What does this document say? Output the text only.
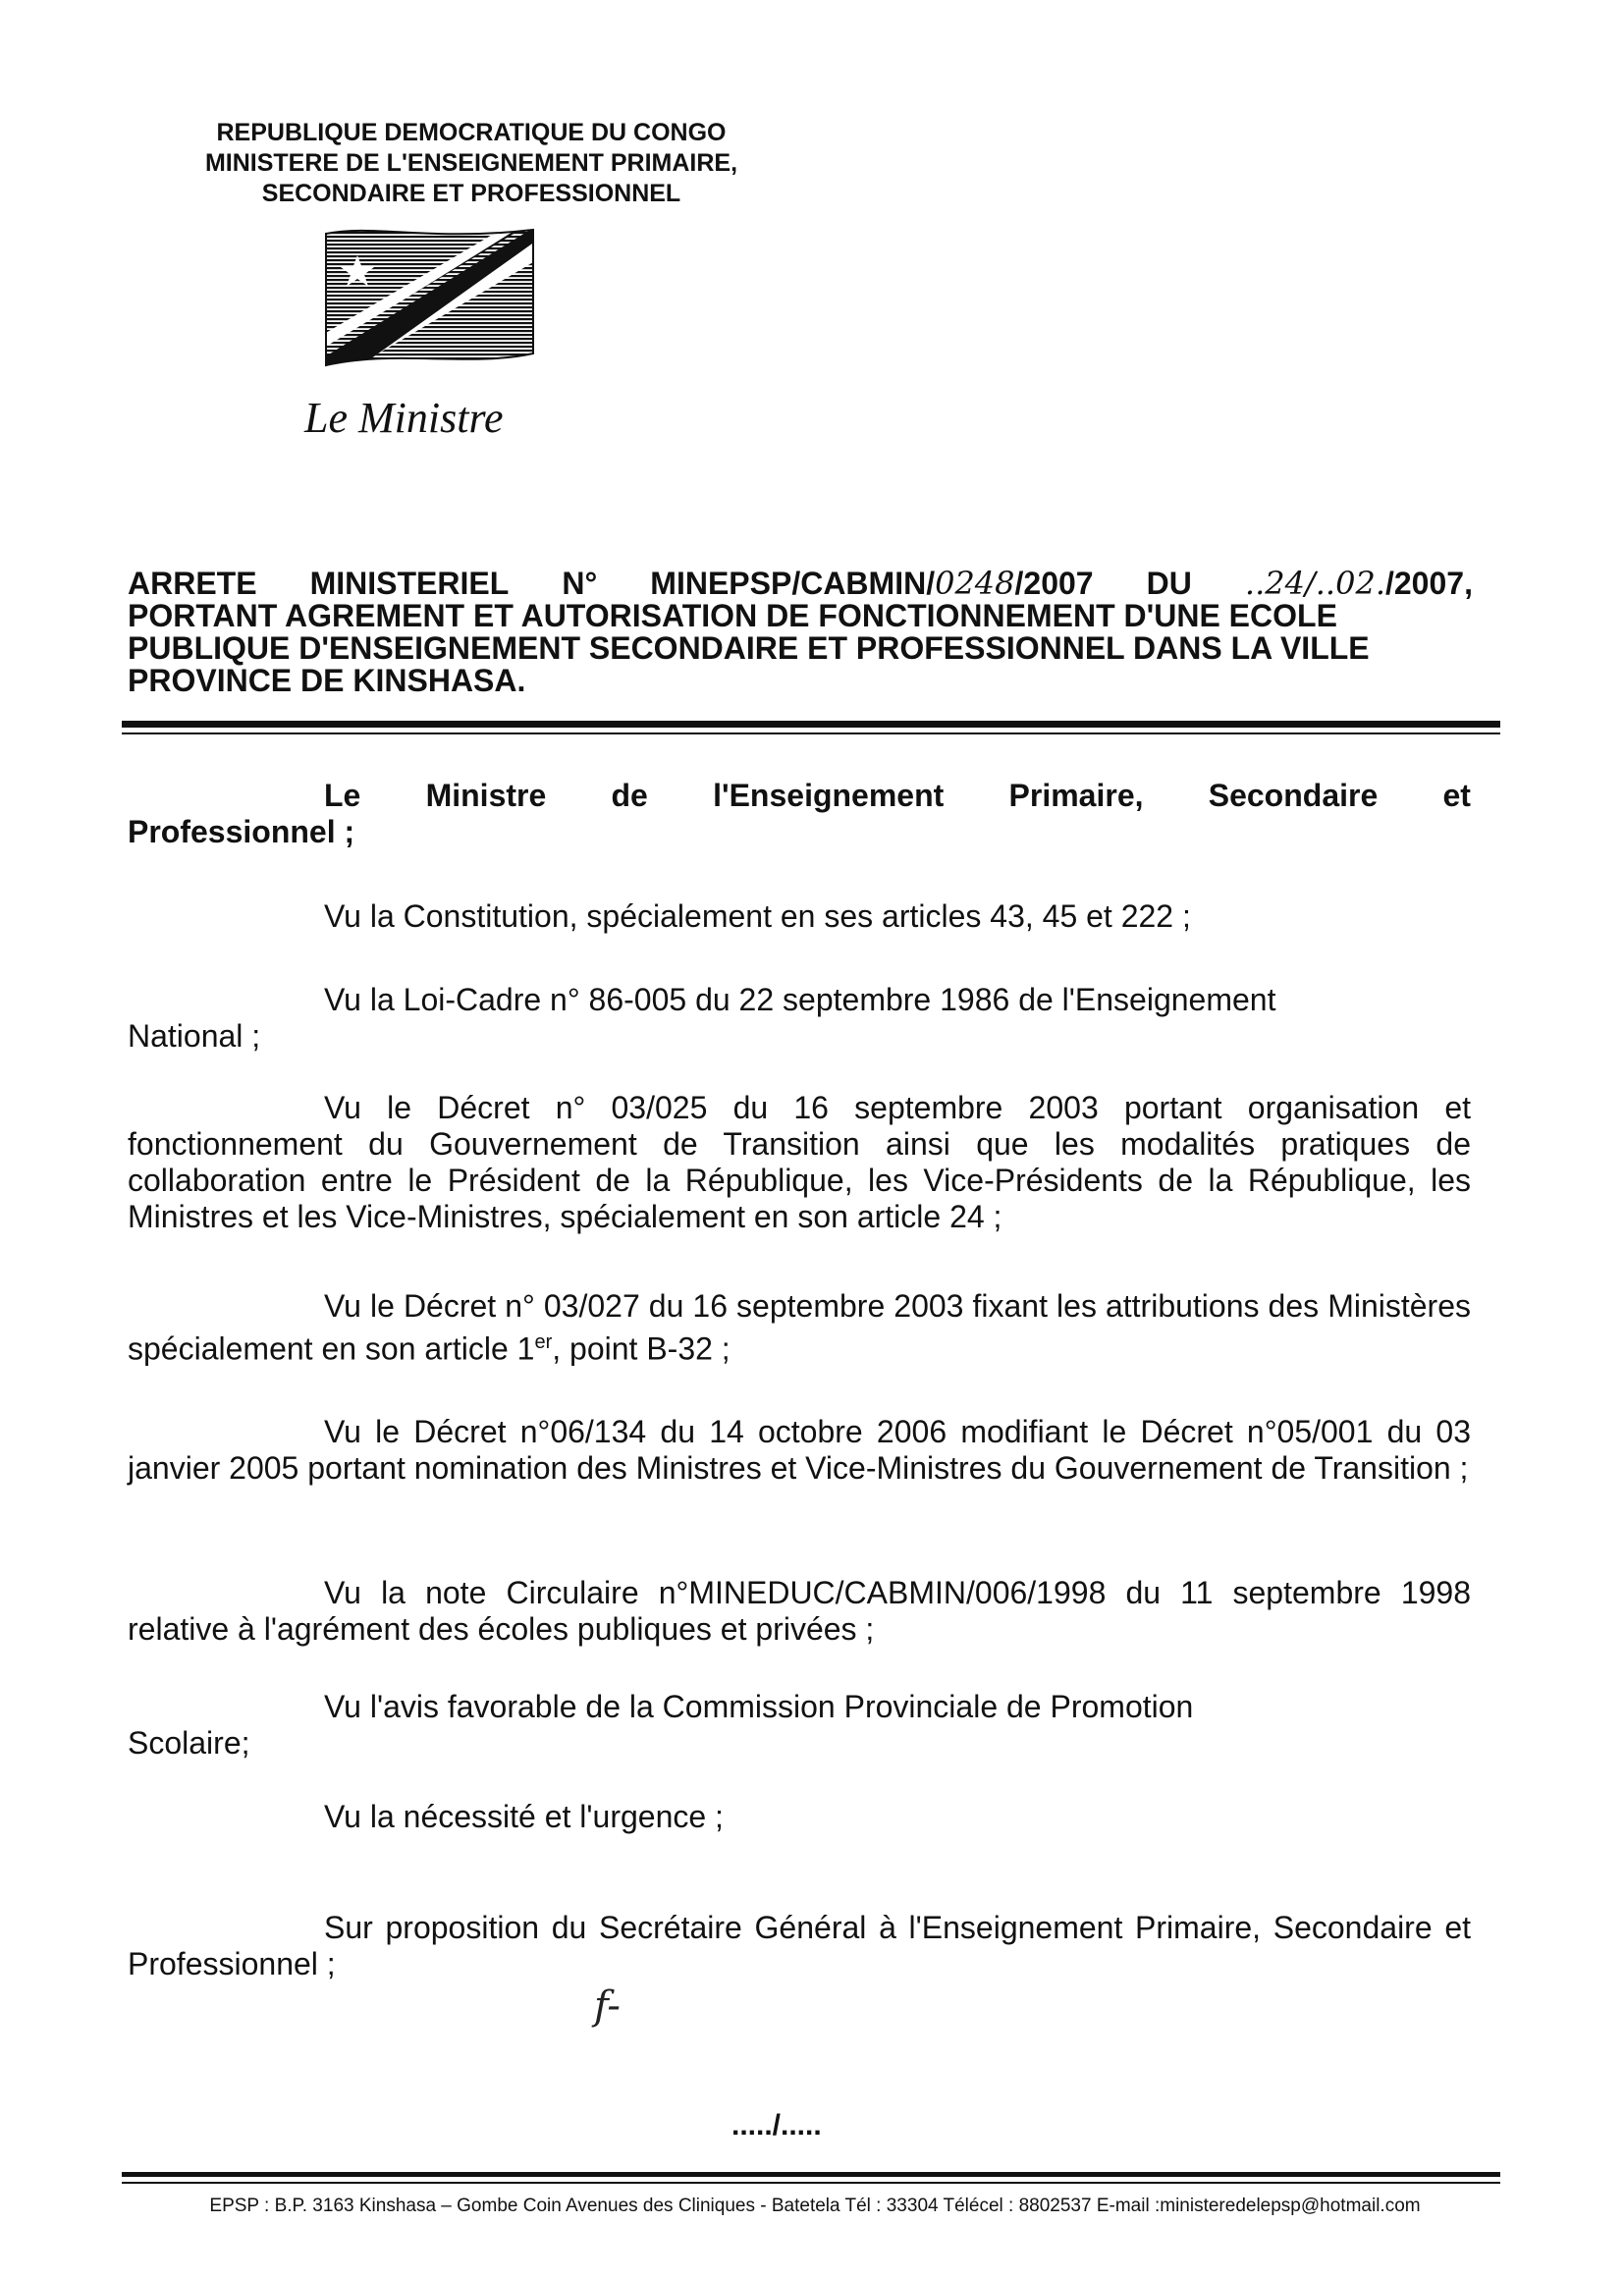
REPUBLIQUE DEMOCRATIQUE DU CONGO
MINISTERE DE L'ENSEIGNEMENT PRIMAIRE,
SECONDAIRE ET PROFESSIONNEL
Le Ministre
ARRETE MINISTERIEL N° MINEPSP/CABMIN/0248/2007 DU ..24/..02./2007,
PORTANT AGREMENT ET AUTORISATION DE FONCTIONNEMENT D'UNE ECOLE
PUBLIQUE D'ENSEIGNEMENT SECONDAIRE ET PROFESSIONNEL DANS LA VILLE
PROVINCE DE KINSHASA.
Le Ministre de l'Enseignement Primaire, Secondaire et
Professionnel ;
Vu la Constitution, spécialement en ses articles 43, 45 et 222 ;
Vu la Loi-Cadre n° 86-005 du 22 septembre 1986 de l'Enseignement
National ;
Vu le Décret n° 03/025 du 16 septembre 2003 portant organisation et fonctionnement du Gouvernement de Transition ainsi que les modalités pratiques de collaboration entre le Président de la République, les Vice-Présidents de la République, les Ministres et les Vice-Ministres, spécialement en son article 24 ;
Vu le Décret n° 03/027 du 16 septembre 2003 fixant les attributions des Ministères spécialement en son article 1er, point B-32 ;
Vu le Décret n°06/134 du 14 octobre 2006 modifiant le Décret n°05/001 du 03 janvier 2005 portant nomination des Ministres et Vice-Ministres du Gouvernement de Transition ;
Vu la note Circulaire n°MINEDUC/CABMIN/006/1998 du 11 septembre 1998 relative à l'agrément des écoles publiques et privées ;
Vu l'avis favorable de la Commission Provinciale de Promotion
Scolaire;
Vu la nécessité et l'urgence ;
Sur proposition du Secrétaire Général à l'Enseignement Primaire, Secondaire et Professionnel ;
f-
...../.....
EPSP : B.P. 3163 Kinshasa – Gombe Coin Avenues des Cliniques - Batetela Tél : 33304 Télécel : 8802537 E-mail :ministeredelepsp@hotmail.com
